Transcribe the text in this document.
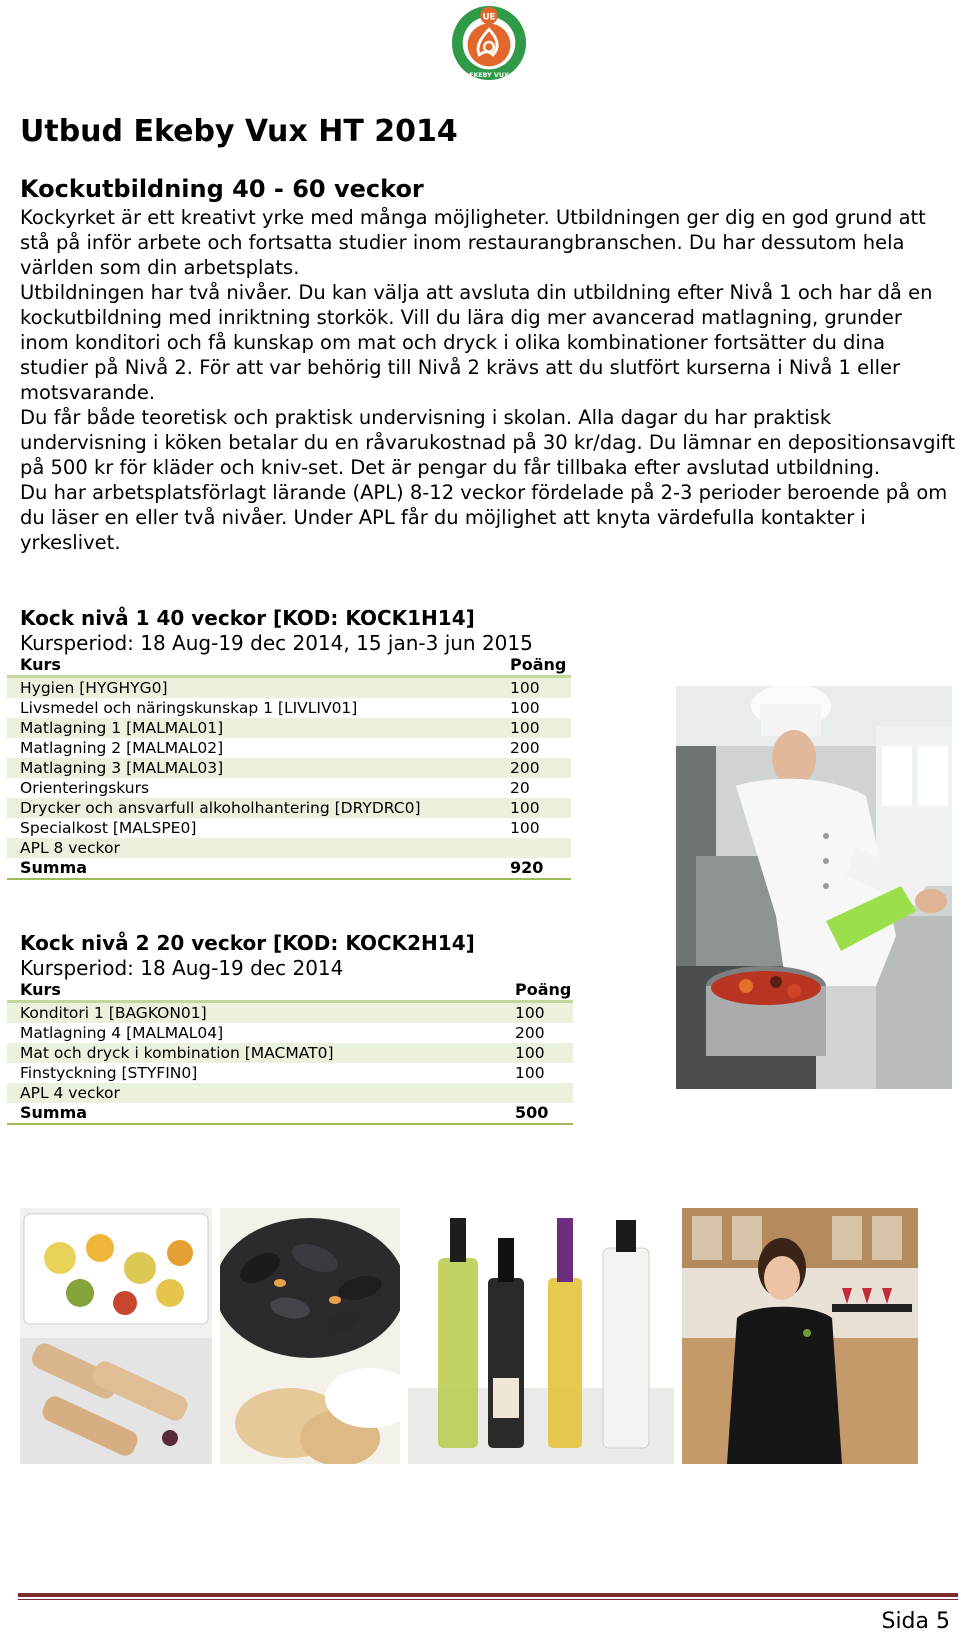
UE
EKEBY VUX
Utbud Ekeby Vux HT 2014
Kockutbildning 40 - 60 veckor

Kockyrket är ett kreativt yrke med många möjligheter. Utbildningen ger dig en god grund att stå på inför arbete och fortsatta studier inom restaurangbranschen. Du har dessutom hela världen som din arbetsplats.

Utbildningen har två nivåer. Du kan välja att avsluta din utbildning efter Nivå 1 och har då en kockutbildning med inriktning storkök. Vill du lära dig mer avancerad matlagning, grunder inom konditori och få kunskap om mat och dryck i olika kombinationer fortsätter du dina studier på Nivå 2. För att var behörig till Nivå 2 krävs att du slutfört kurserna i Nivå 1 eller motsvarande.

Du får både teoretisk och praktisk undervisning i skolan. Alla dagar du har praktisk undervisning i köken betalar du en råvarukostnad på 30 kr/dag. Du lämnar en depositionsavgift på 500 kr för kläder och kniv-set. Det är pengar du får tillbaka efter avslutad utbildning.

Du har arbetsplatsförlagt lärande (APL) 8-12 veckor fördelade på 2-3 perioder beroende på om du läser en eller två nivåer. Under APL får du möjlighet att knyta värdefulla kontakter i yrkeslivet.

Kock nivå 1 40 veckor [KOD: KOCK1H14]

Kursperiod: 18 Aug-19 dec 2014, 15 jan-3 jun 2015

Kurs	Poäng
Hygien [HYGHYG0]	100
Livsmedel och näringskunskap 1 [LIVLIV01]	100
Matlagning 1 [MALMAL01]	100
Matlagning 2 [MALMAL02]	200
Matlagning 3 [MALMAL03]	200
Orienteringskurs	20
Drycker och ansvarfull alkoholhantering [DRYDRC0]	100
Specialkost [MALSPE0]	100
APL 8 veckor	
Summa	920

Kock nivå 2 20 veckor [KOD: KOCK2H14]

Kursperiod: 18 Aug-19 dec 2014

Kurs	Poäng
Konditori 1 [BAGKON01]	100
Matlagning 4 [MALMAL04]	200
Mat och dryck i kombination [MACMAT0]	100
Finstyckning [STYFIN0]	100
APL 4 veckor	
Summa	500
Sida 5
